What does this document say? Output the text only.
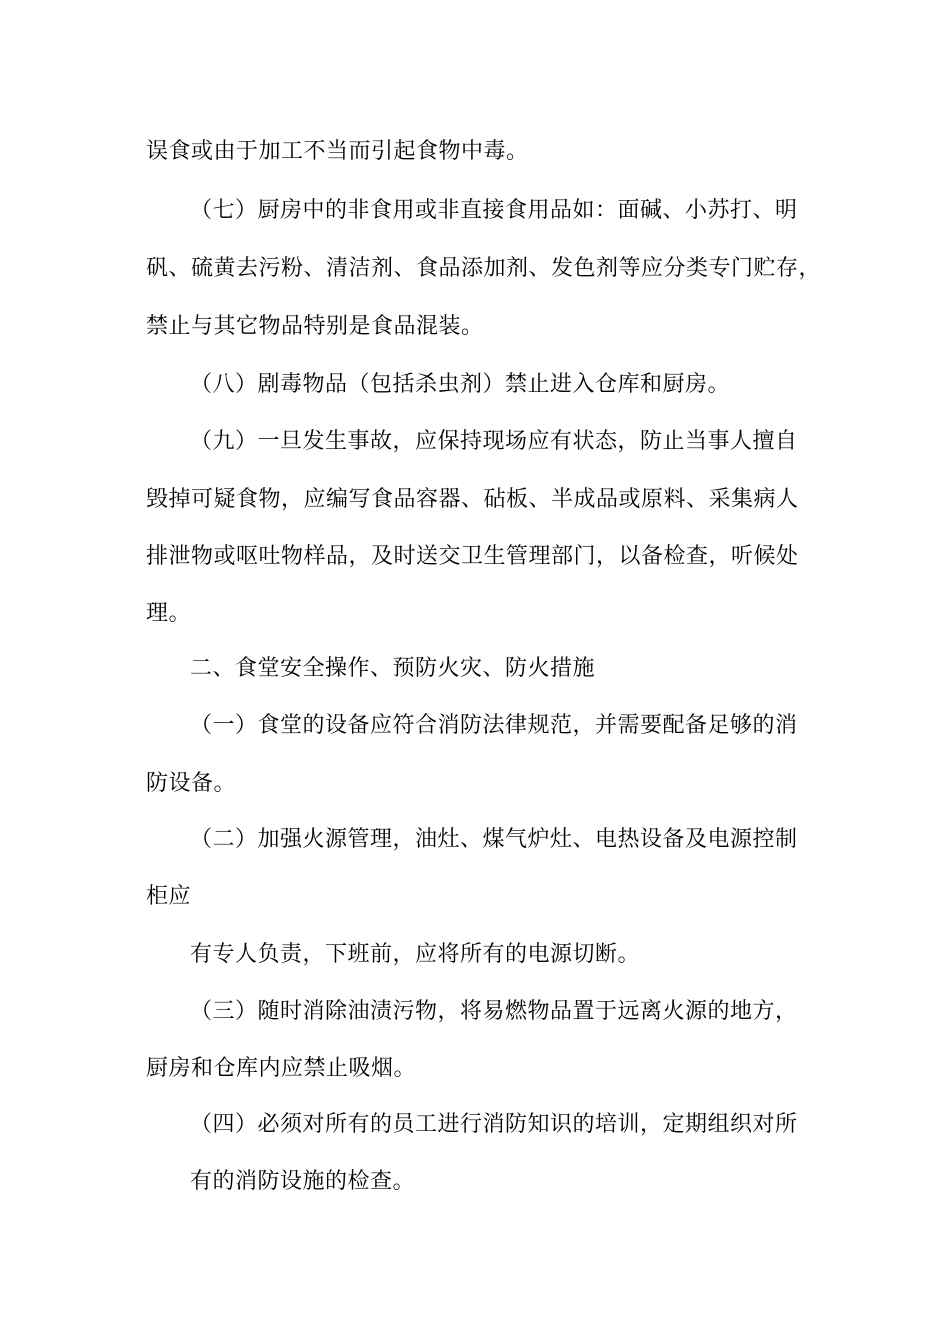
误食或由于加工不当而引起食物中毒。
（七）厨房中的非食用或非直接食用品如：面碱、小苏打、明
矾、硫黄去污粉、清洁剂、食品添加剂、发色剂等应分类专门贮存，
禁止与其它物品特别是食品混装。
（八）剧毒物品（包括杀虫剂）禁止进入仓库和厨房。
（九）一旦发生事故，应保持现场应有状态，防止当事人擅自
毁掉可疑食物，应编写食品容器、砧板、半成品或原料、采集病人
排泄物或呕吐物样品，及时送交卫生管理部门，以备检查，听候处
理。
二、食堂安全操作、预防火灾、防火措施
（一）食堂的设备应符合消防法律规范，并需要配备足够的消
防设备。
（二）加强火源管理，油灶、煤气炉灶、电热设备及电源控制
柜应
有专人负责，下班前，应将所有的电源切断。
（三）随时消除油渍污物，将易燃物品置于远离火源的地方，
厨房和仓库内应禁止吸烟。
（四）必须对所有的员工进行消防知识的培训，定期组织对所
有的消防设施的检查。
